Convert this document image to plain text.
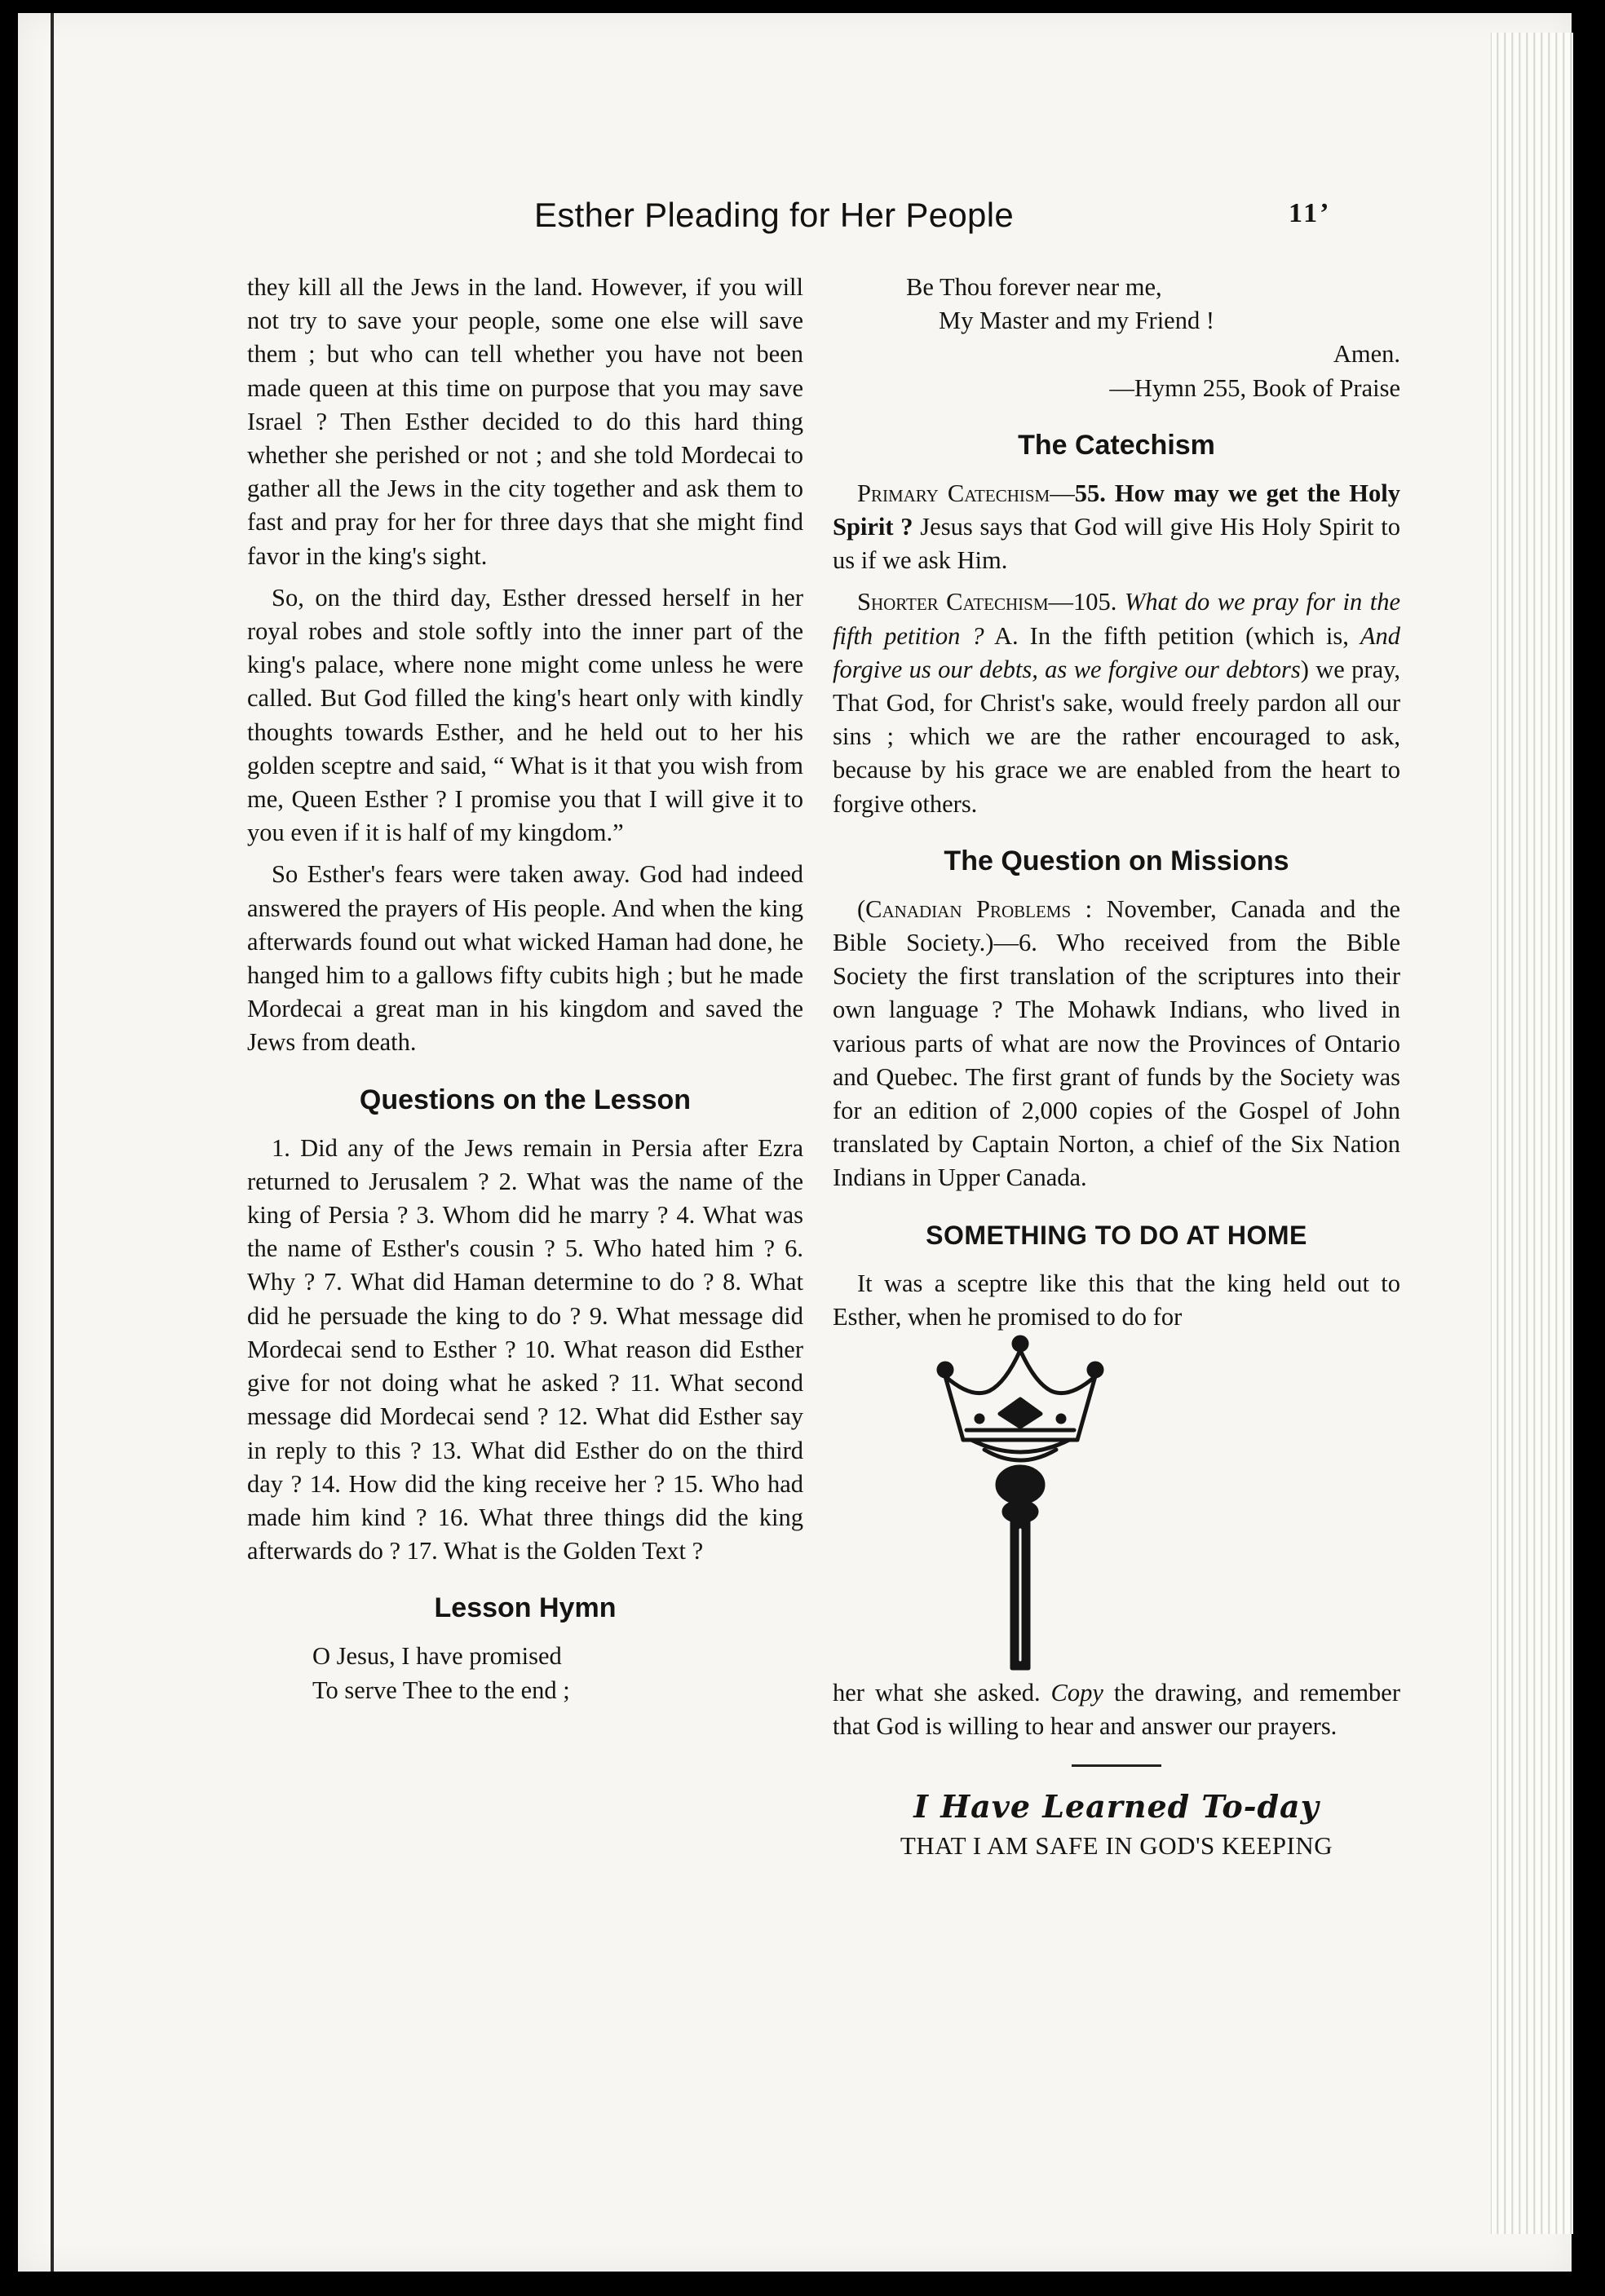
Esther Pleading for Her People	11’

they kill all the Jews in the land. However, if you will not try to save your people, some one else will save them ; but who can tell whether you have not been made queen at this time on purpose that you may save Israel ? Then Esther decided to do this hard thing whether she perished or not ; and she told Mordecai to gather all the Jews in the city together and ask them to fast and pray for her for three days that she might find favor in the king's sight.

So, on the third day, Esther dressed herself in her royal robes and stole softly into the inner part of the king's palace, where none might come unless he were called. But God filled the king's heart only with kindly thoughts towards Esther, and he held out to her his golden sceptre and said, “ What is it that you wish from me, Queen Esther ? I promise you that I will give it to you even if it is half of my kingdom.”

So Esther's fears were taken away. God had indeed answered the prayers of His people. And when the king afterwards found out what wicked Haman had done, he hanged him to a gallows fifty cubits high ; but he made Mordecai a great man in his kingdom and saved the Jews from death.

Questions on the Lesson

1. Did any of the Jews remain in Persia after Ezra returned to Jerusalem ? 2. What was the name of the king of Persia ? 3. Whom did he marry ? 4. What was the name of Esther's cousin ? 5. Who hated him ? 6. Why ? 7. What did Haman determine to do ? 8. What did he persuade the king to do ? 9. What message did Mordecai send to Esther ? 10. What reason did Esther give for not doing what he asked ? 11. What second message did Mordecai send ? 12. What did Esther say in reply to this ? 13. What did Esther do on the third day ? 14. How did the king receive her ? 15. Who had made him kind ? 16. What three things did the king afterwards do ? 17. What is the Golden Text ?

Lesson Hymn
O Jesus, I have promised
To serve Thee to the end ;
Be Thou forever near me,
My Master and my Friend !
Amen.
—Hymn 255, Book of Praise
The Catechism

Primary Catechism—55. How may we get the Holy Spirit ? Jesus says that God will give His Holy Spirit to us if we ask Him.

Shorter Catechism—105. What do we pray for in the fifth petition ? A. In the fifth petition (which is, And forgive us our debts, as we forgive our debtors) we pray, That God, for Christ's sake, would freely pardon all our sins ; which we are the rather encouraged to ask, because by his grace we are enabled from the heart to forgive others.

The Question on Missions

(Canadian Problems : November, Canada and the Bible Society.)—6. Who received from the Bible Society the first translation of the scriptures into their own language ? The Mohawk Indians, who lived in various parts of what are now the Provinces of Ontario and Quebec. The first grant of funds by the Society was for an edition of 2,000 copies of the Gospel of John translated by Captain Norton, a chief of the Six Nation Indians in Upper Canada.

SOMETHING TO DO AT HOME

It was a sceptre like this that the king held out to Esther, when he promised to do for

her what she asked. Copy the drawing, and remember that God is willing to hear and answer our prayers.

I Have Learned To-day
THAT I AM SAFE IN GOD'S KEEPING
